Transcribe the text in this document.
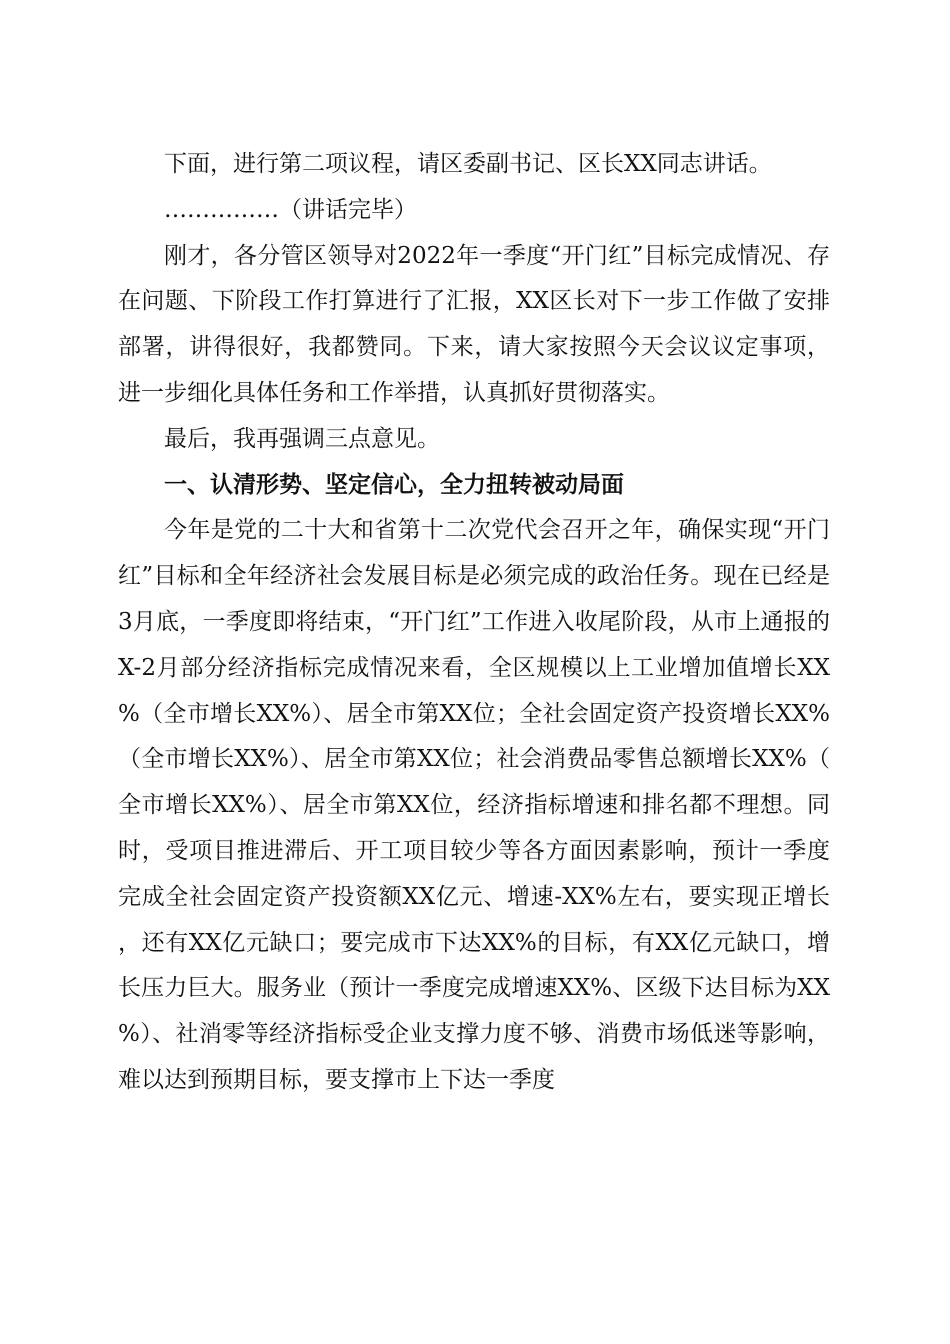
下面，进行第二项议程，请区委副书记、区长XX同志讲话。

……………（讲话完毕）

刚才，各分管区领导对2022年一季度“开门红”目标完成情况、存在问题、下阶段工作打算进行了汇报，XX区长对下一步工作做了安排部署，讲得很好，我都赞同。下来，请大家按照今天会议议定事项，进一步细化具体任务和工作举措，认真抓好贯彻落实。

最后，我再强调三点意见。

一、认清形势、坚定信心，全力扭转被动局面

今年是党的二十大和省第十二次党代会召开之年，确保实现“开门红”目标和全年经济社会发展目标是必须完成的政治任务。现在已经是3月底，一季度即将结束，“开门红”工作进入收尾阶段，从市上通报的X-2月部分经济指标完成情况来看，全区规模以上工业增加值增长XX%（全市增长XX%）、居全市第XX位；全社会固定资产投资增长XX%（全市增长XX%）、居全市第XX位；社会消费品零售总额增长XX%（全市增长XX%）、居全市第XX位，经济指标增速和排名都不理想。同时，受项目推进滞后、开工项目较少等各方面因素影响，预计一季度完成全社会固定资产投资额XX亿元、增速-XX%左右，要实现正增长，还有XX亿元缺口；要完成市下达XX%的目标，有XX亿元缺口，增长压力巨大。服务业（预计一季度完成增速XX%、区级下达目标为XX%）、社消零等经济指标受企业支撑力度不够、消费市场低迷等影响，难以达到预期目标，要支撑市上下达一季度
